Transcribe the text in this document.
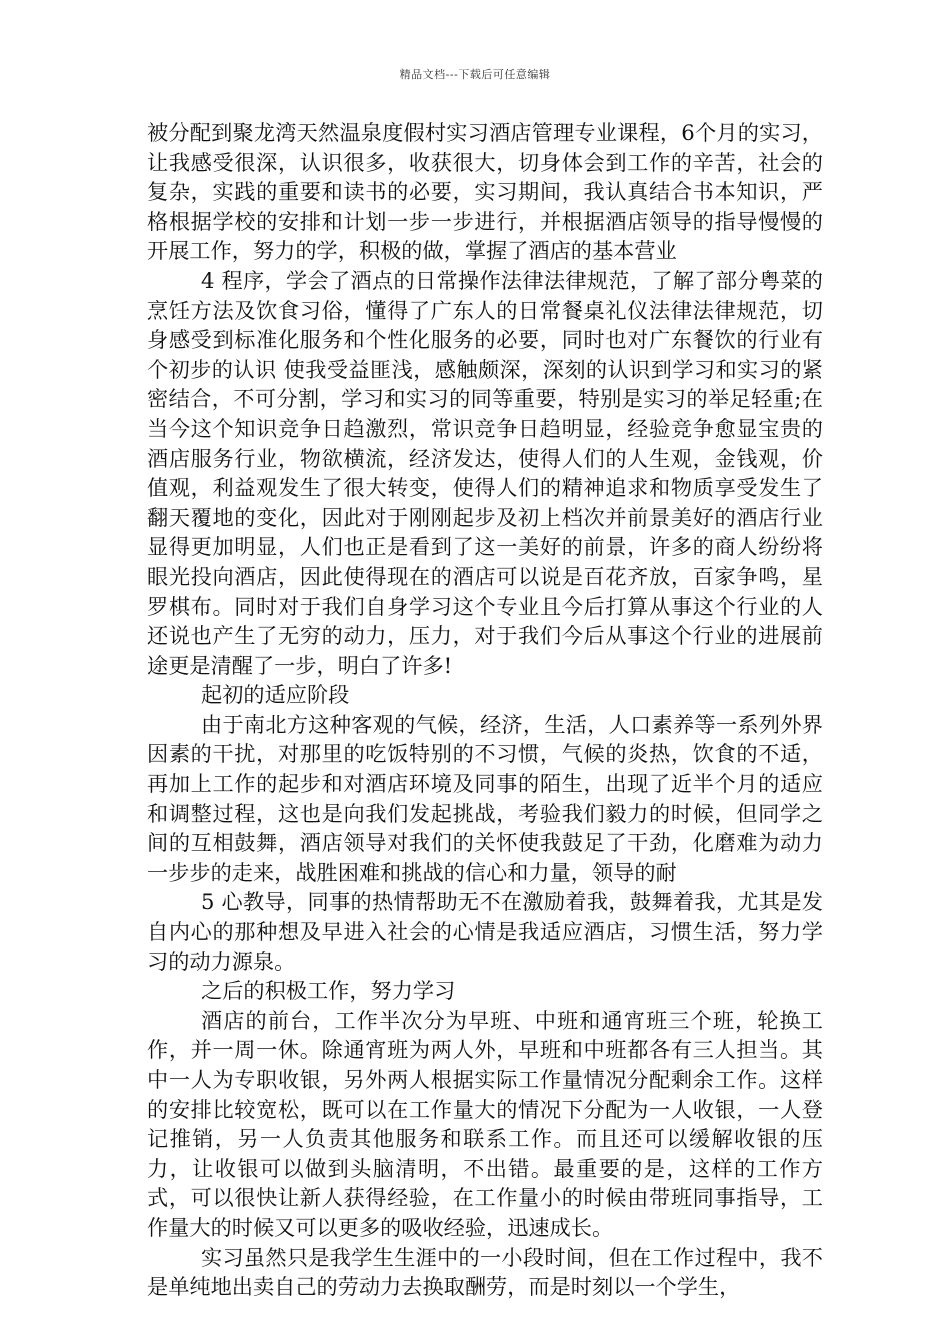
精品文档---下载后可任意编辑

被分配到聚龙湾天然温泉度假村实习酒店管理专业课程，6个月的实习，让我感受很深，认识很多，收获很大，切身体会到工作的辛苦，社会的复杂，实践的重要和读书的必要，实习期间，我认真结合书本知识，严格根据学校的安排和计划一步一步进行，并根据酒店领导的指导慢慢的开展工作，努力的学，积极的做，掌握了酒店的基本营业

4 程序，学会了酒点的日常操作法律法律规范，了解了部分粤菜的烹饪方法及饮食习俗，懂得了广东人的日常餐桌礼仪法律法律规范，切身感受到标准化服务和个性化服务的必要，同时也对广东餐饮的行业有个初步的认识 使我受益匪浅，感触颇深，深刻的认识到学习和实习的紧密结合，不可分割，学习和实习的同等重要，特别是实习的举足轻重;在当今这个知识竞争日趋激烈，常识竞争日趋明显，经验竞争愈显宝贵的酒店服务行业，物欲横流，经济发达，使得人们的人生观，金钱观，价值观，利益观发生了很大转变，使得人们的精神追求和物质享受发生了翻天覆地的变化，因此对于刚刚起步及初上档次并前景美好的酒店行业显得更加明显，人们也正是看到了这一美好的前景，许多的商人纷纷将眼光投向酒店，因此使得现在的酒店可以说是百花齐放，百家争鸣，星罗棋布。同时对于我们自身学习这个专业且今后打算从事这个行业的人还说也产生了无穷的动力，压力，对于我们今后从事这个行业的进展前途更是清醒了一步，明白了许多!

起初的适应阶段

由于南北方这种客观的气候，经济，生活，人口素养等一系列外界因素的干扰，对那里的吃饭特别的不习惯，气候的炎热，饮食的不适，再加上工作的起步和对酒店环境及同事的陌生，出现了近半个月的适应和调整过程，这也是向我们发起挑战，考验我们毅力的时候，但同学之间的互相鼓舞，酒店领导对我们的关怀使我鼓足了干劲，化磨难为动力一步步的走来，战胜困难和挑战的信心和力量，领导的耐

5 心教导，同事的热情帮助无不在激励着我，鼓舞着我，尤其是发自内心的那种想及早进入社会的心情是我适应酒店，习惯生活，努力学习的动力源泉。

之后的积极工作，努力学习

酒店的前台，工作半次分为早班、中班和通宵班三个班，轮换工作，并一周一休。除通宵班为两人外，早班和中班都各有三人担当。其中一人为专职收银，另外两人根据实际工作量情况分配剩余工作。这样的安排比较宽松，既可以在工作量大的情况下分配为一人收银，一人登记推销，另一人负责其他服务和联系工作。而且还可以缓解收银的压力，让收银可以做到头脑清明，不出错。最重要的是，这样的工作方式，可以很快让新人获得经验，在工作量小的时候由带班同事指导，工作量大的时候又可以更多的吸收经验，迅速成长。

实习虽然只是我学生生涯中的一小段时间，但在工作过程中，我不是单纯地出卖自己的劳动力去换取酬劳，而是时刻以一个学生，
